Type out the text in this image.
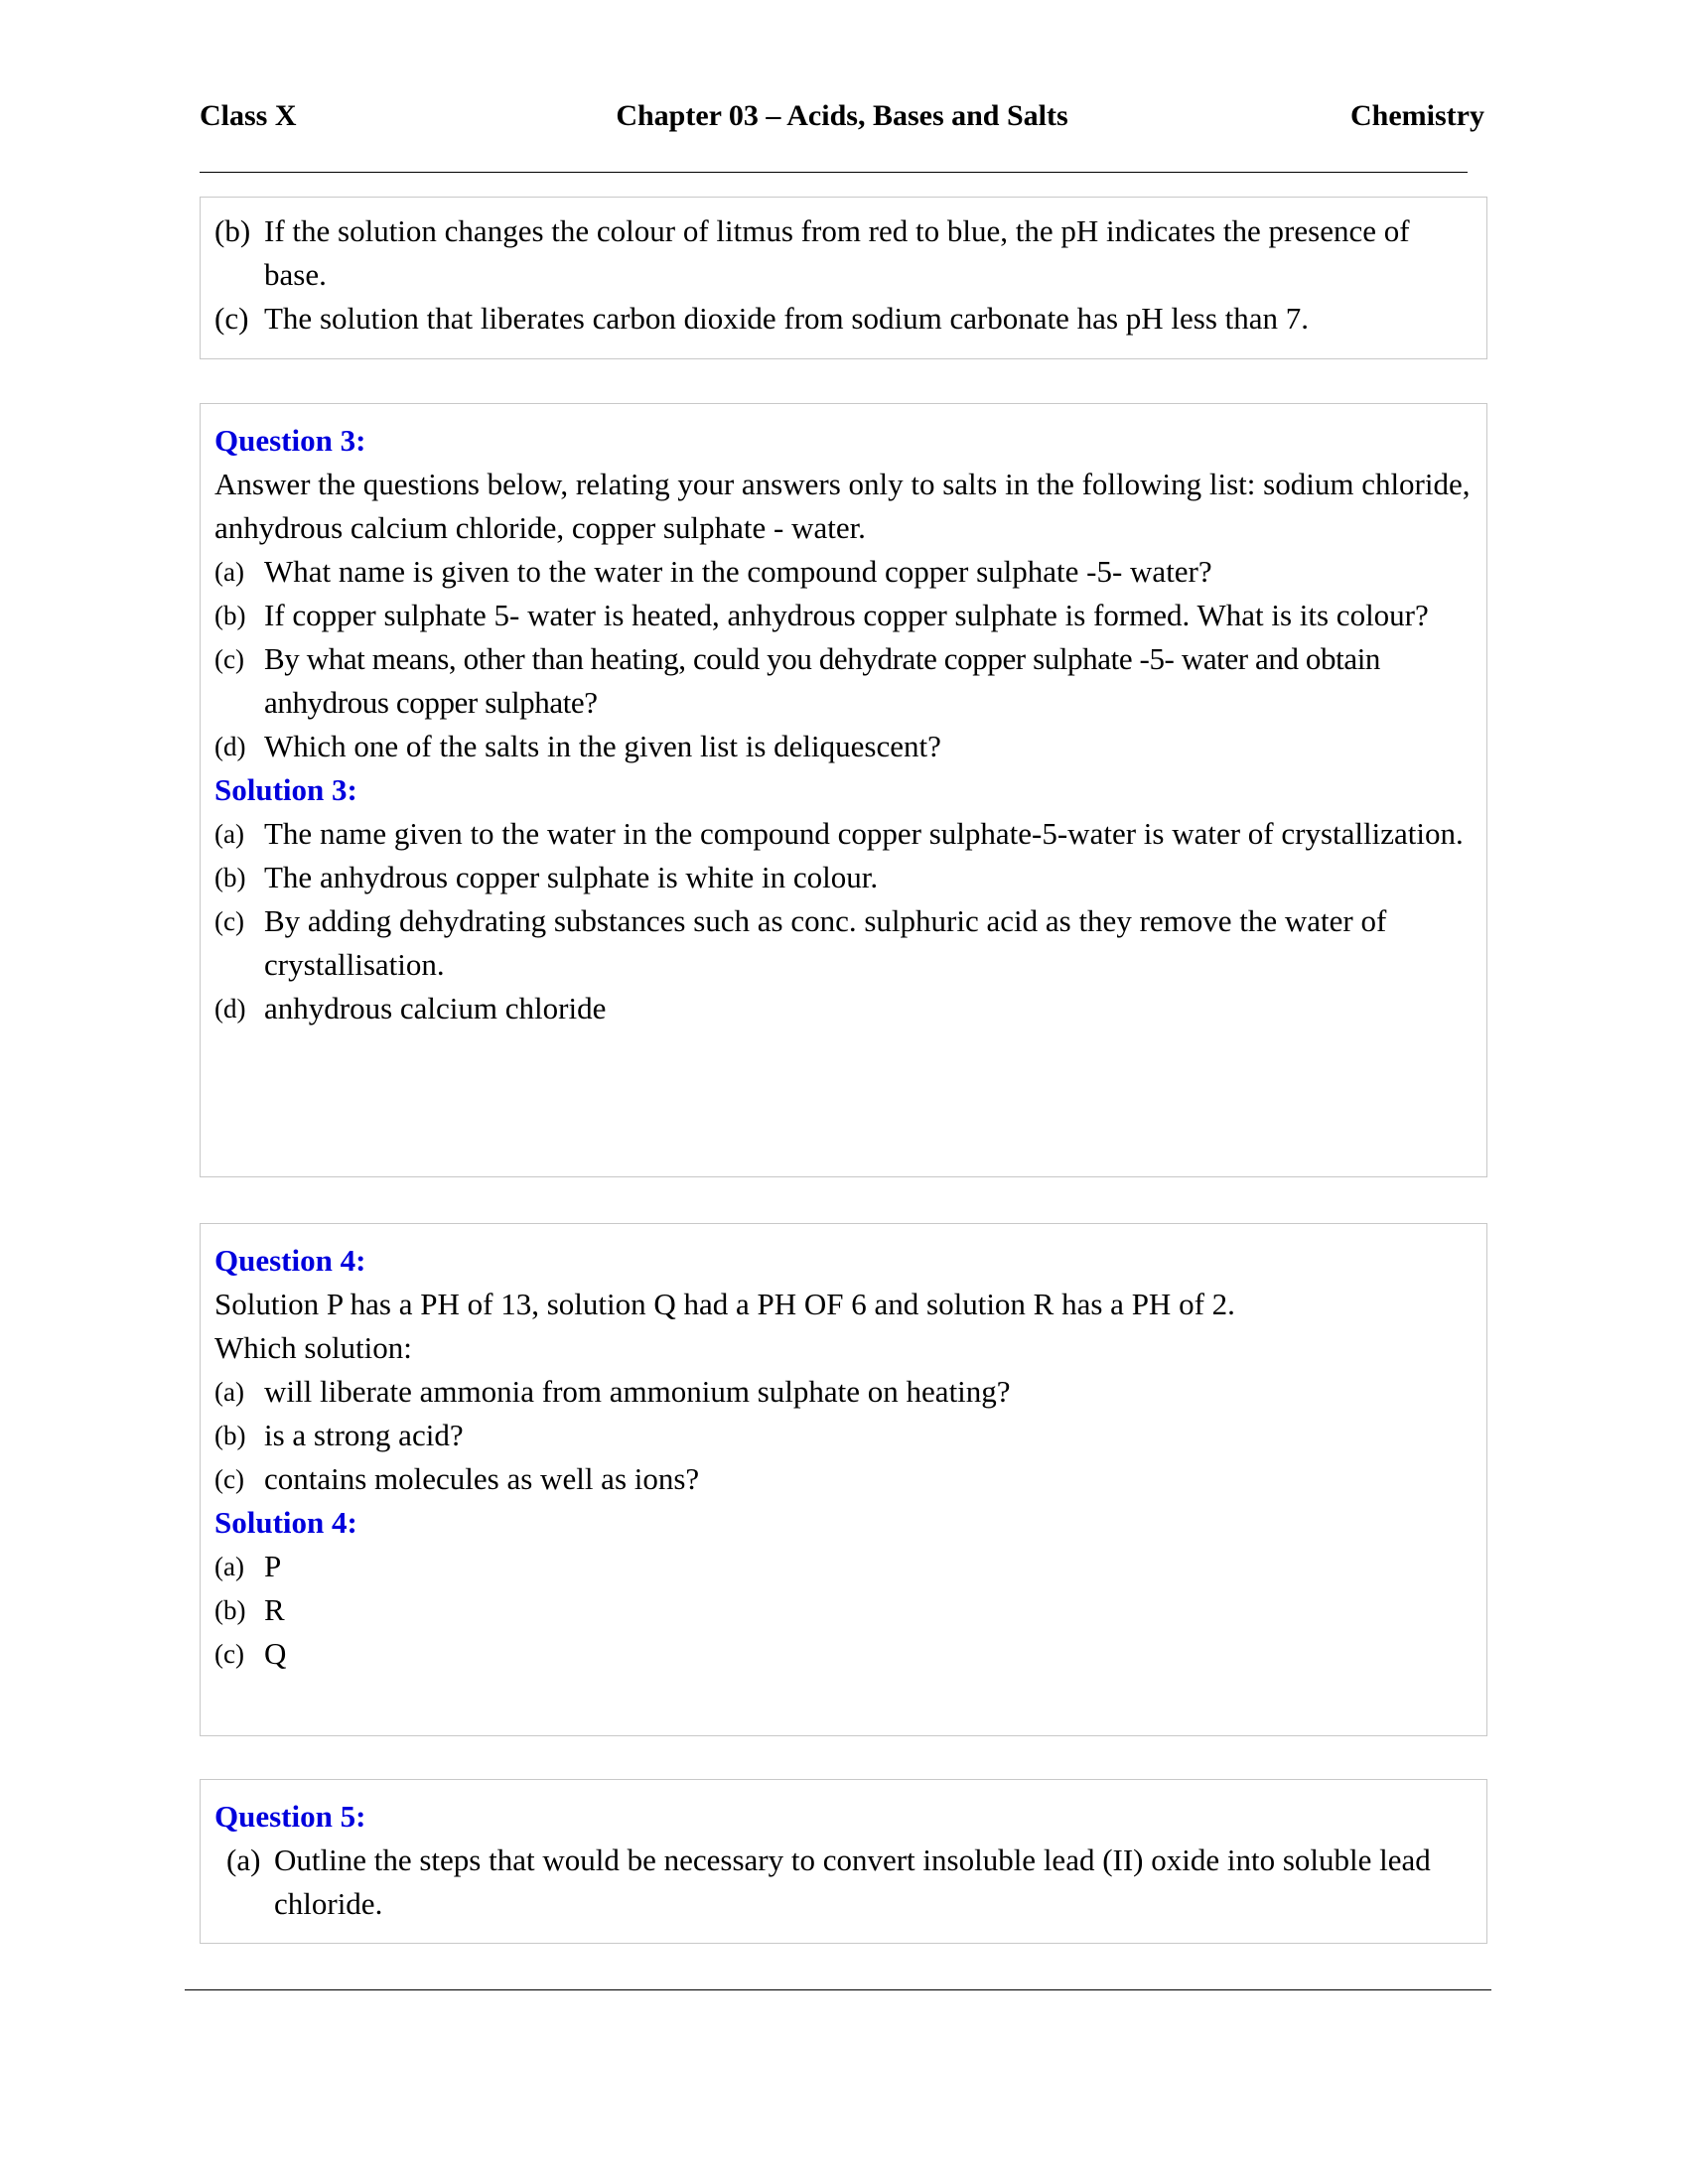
Class X	Chapter 03 – Acids, Bases and Salts	Chemistry
(b) If the solution changes the colour of litmus from red to blue, the pH indicates the presence of base.
(c) The solution that liberates carbon dioxide from sodium carbonate has pH less than 7.
Question 3:

Answer the questions below, relating your answers only to salts in the following list: sodium chloride, anhydrous calcium chloride, copper sulphate - water.

(a) What name is given to the water in the compound copper sulphate -5- water?
(b) If copper sulphate 5- water is heated, anhydrous copper sulphate is formed. What is its colour?
(c) By what means, other than heating, could you dehydrate copper sulphate -5- water and obtain anhydrous copper sulphate?
(d) Which one of the salts in the given list is deliquescent?
Solution 3:
(a) The name given to the water in the compound copper sulphate-5-water is water of crystallization.
(b) The anhydrous copper sulphate is white in colour.
(c) By adding dehydrating substances such as conc. sulphuric acid as they remove the water of crystallisation.
(d) anhydrous calcium chloride
Question 4:

Solution P has a PH of 13, solution Q had a PH OF 6 and solution R has a PH of 2.

Which solution:

(a) will liberate ammonia from ammonium sulphate on heating?
(b) is a strong acid?
(c) contains molecules as well as ions?
Solution 4:
(a) P
(b) R
(c) Q
Question 5:
(a) Outline the steps that would be necessary to convert insoluble lead (II) oxide into soluble lead chloride.
